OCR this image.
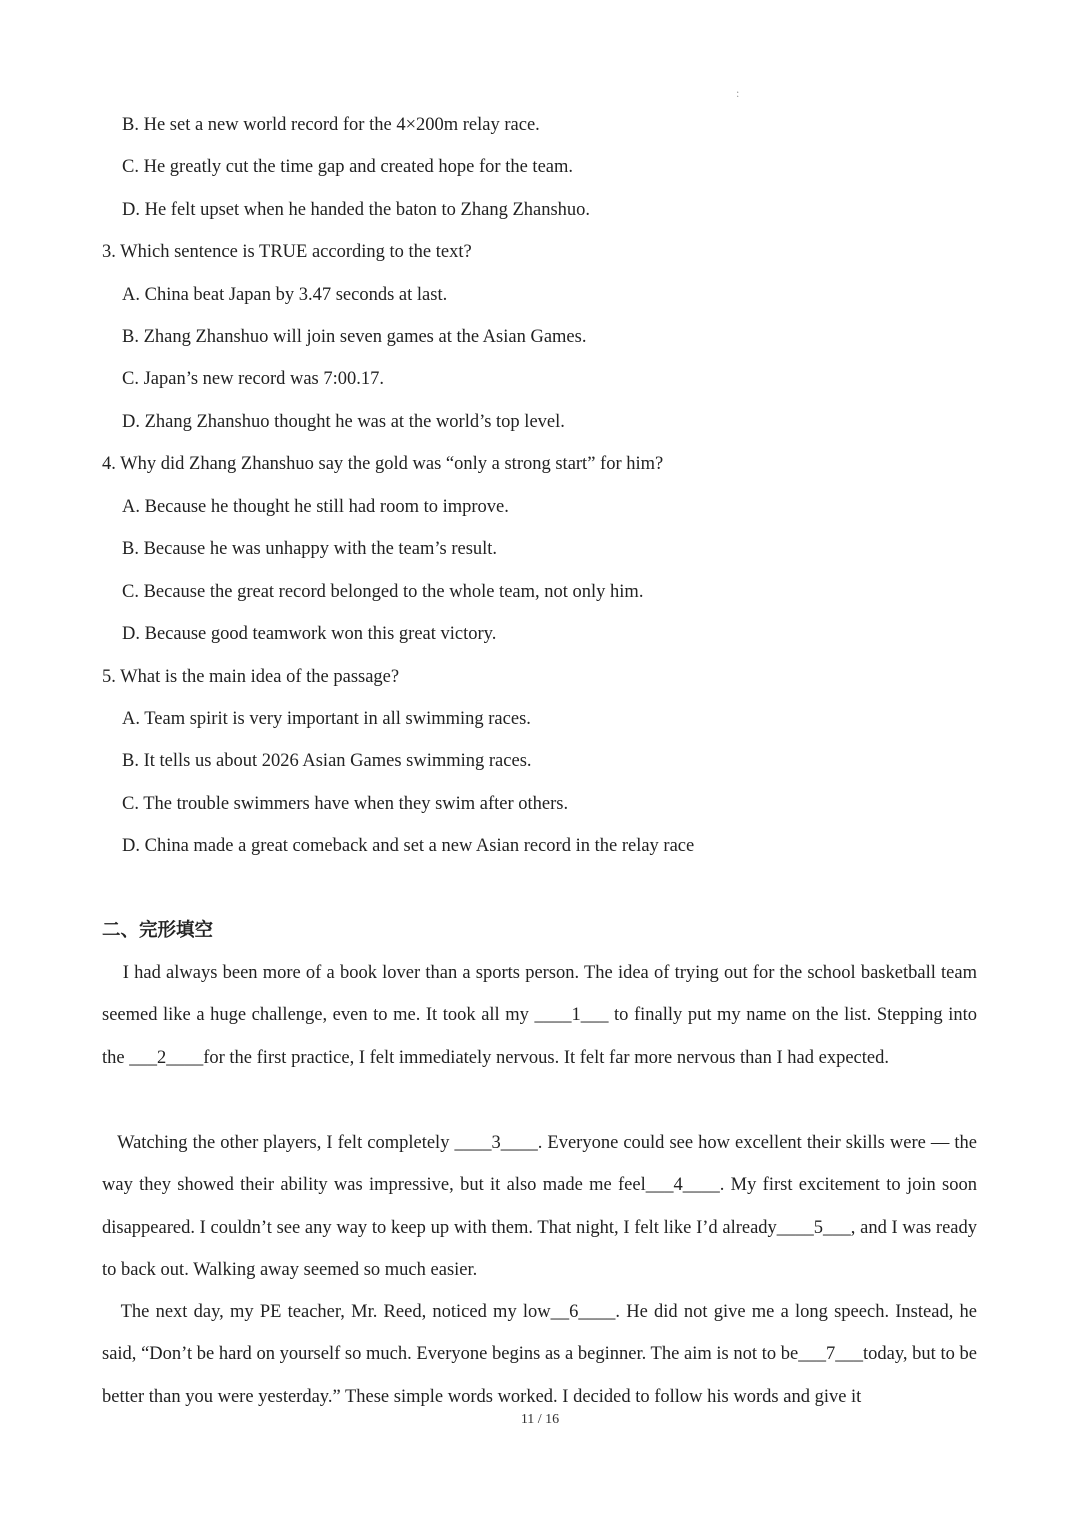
:
B. He set a new world record for the 4×200m relay race.
C. He greatly cut the time gap and created hope for the team.
D. He felt upset when he handed the baton to Zhang Zhanshuo.
3. Which sentence is TRUE according to the text?
A. China beat Japan by 3.47 seconds at last.
B. Zhang Zhanshuo will join seven games at the Asian Games.
C. Japan’s new record was 7:00.17.
D. Zhang Zhanshuo thought he was at the world’s top level.
4. Why did Zhang Zhanshuo say the gold was “only a strong start” for him?
A. Because he thought he still had room to improve.
B. Because he was unhappy with the team’s result.
C. Because the great record belonged to the whole team, not only him.
D. Because good teamwork won this great victory.
5. What is the main idea of the passage?
A. Team spirit is very important in all swimming races.
B. It tells us about 2026 Asian Games swimming races.
C. The trouble swimmers have when they swim after others.
D. China made a great comeback and set a new Asian record in the relay race
二、完形填空

I had always been more of a book lover than a sports person. The idea of trying out for the school basketball team seemed like a huge challenge, even to me. It took all my ____1___ to finally put my name on the list. Stepping into the ___2____for the first practice, I felt immediately nervous. It felt far more nervous than I had expected.

Watching the other players, I felt completely ____3____. Everyone could see how excellent their skills were — the way they showed their ability was impressive, but it also made me feel___4____. My first excitement to join soon disappeared. I couldn’t see any way to keep up with them. That night, I felt like I’d already____5___, and I was ready to back out. Walking away seemed so much easier.

The next day, my PE teacher, Mr. Reed, noticed my low__6____. He did not give me a long speech. Instead, he said, “Don’t be hard on yourself so much. Everyone begins as a beginner. The aim is not to be___7___today, but to be better than you were yesterday.” These simple words worked. I decided to follow his words and give it

11 / 16
